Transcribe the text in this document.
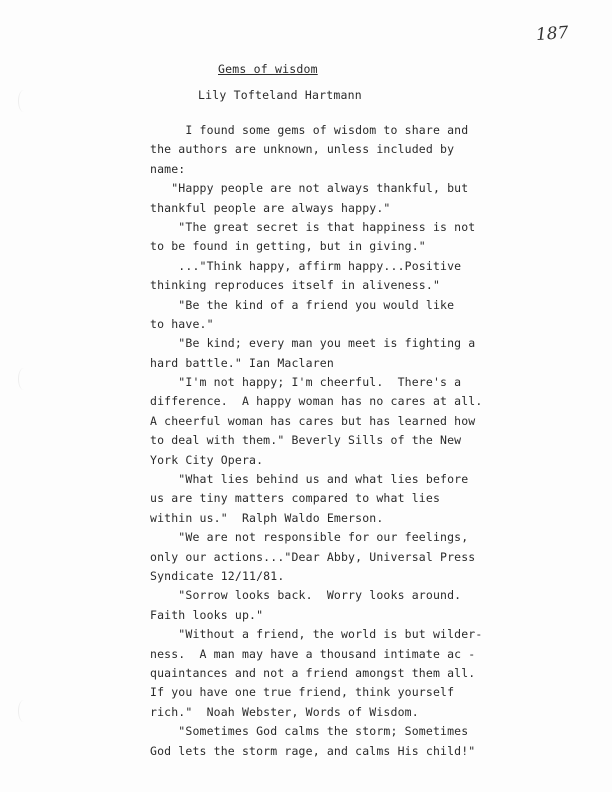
187
Gems of wisdom
Lily Tofteland Hartmann
I found some gems of wisdom to share and
the authors are unknown, unless included by
name:
"Happy people are not always thankful, but
thankful people are always happy."
"The great secret is that happiness is not
to be found in getting, but in giving."
..."Think happy, affirm happy...Positive
thinking reproduces itself in aliveness."
"Be the kind of a friend you would like
to have."
"Be kind; every man you meet is fighting a
hard battle." Ian Maclaren
"I'm not happy; I'm cheerful.  There's a
difference.  A happy woman has no cares at all.
A cheerful woman has cares but has learned how
to deal with them." Beverly Sills of the New
York City Opera.
"What lies behind us and what lies before
us are tiny matters compared to what lies
within us."  Ralph Waldo Emerson.
"We are not responsible for our feelings,
only our actions..."Dear Abby, Universal Press
Syndicate 12/11/81.
"Sorrow looks back.  Worry looks around.
Faith looks up."
"Without a friend, the world is but wilder-
ness.  A man may have a thousand intimate ac -
quaintances and not a friend amongst them all.
If you have one true friend, think yourself
rich."  Noah Webster, Words of Wisdom.
"Sometimes God calms the storm; Sometimes
God lets the storm rage, and calms His child!"
